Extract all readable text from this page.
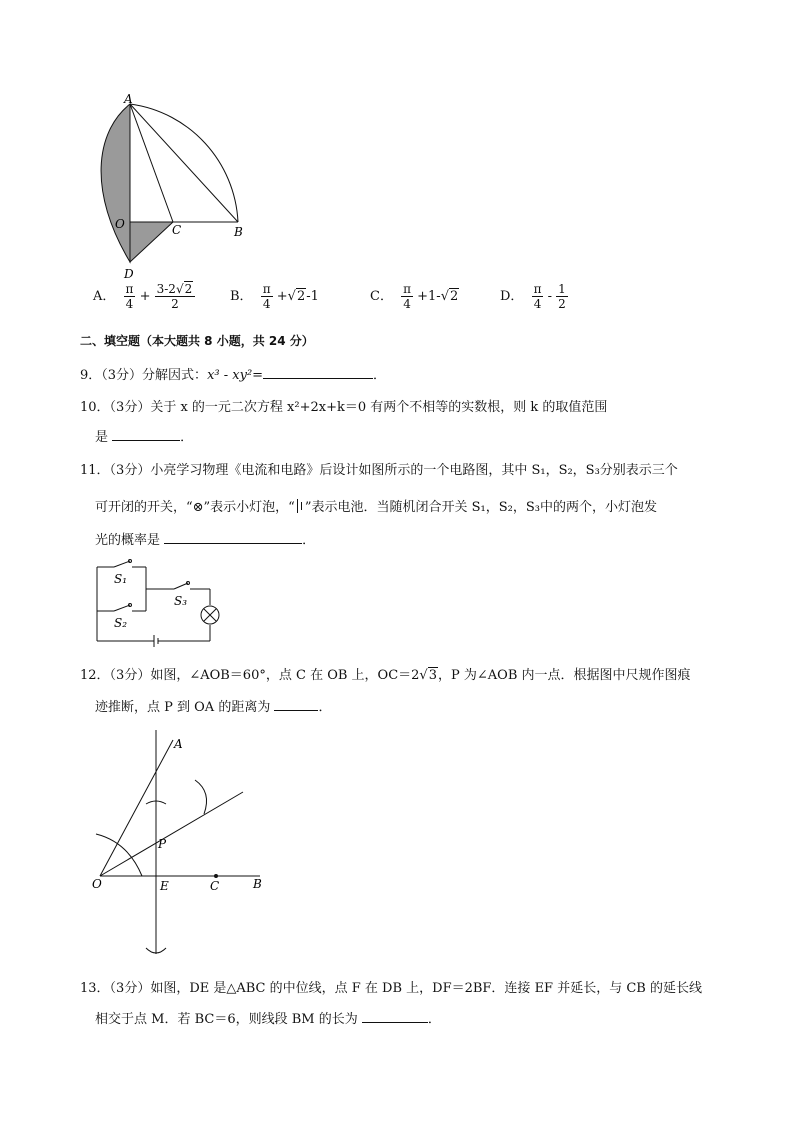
A
O	C	B
D
A． $\frac{\pi}{4} + \frac{3-2√2}{2}$	B． $\frac{\pi}{4} +√2-1$	C． $\frac{\pi}{4} +1-√2$	D． $\frac{\pi}{4} - \frac{1}{2}$
二、填空题（本大题共 8 小题，共 24 分）
9．（3分）分解因式：x³ - xy²=	．
10．（3分）关于 x 的一元二次方程 x²+2x+k＝0 有两个不相等的实数根，则 k 的取值范围
是	．
11．（3分）小亮学习物理《电流和电路》后设计如图所示的一个电路图，其中 S₁，S₂，S₃分别表示三个
可开闭的开关，“⊗”表示小灯泡，“ ”表示电池．当随机闭合开关 S₁，S₂，S₃中的两个，小灯泡发
光的概率是	．
S₁
S₂
S₃
12．（3分）如图，∠AOB＝60°，点 C 在 OB 上，OC＝2√3，P 为∠AOB 内一点．根据图中尺规作图痕
迹推断，点 P 到 OA 的距离为	．
A
P
O	E	C	B
13．（3分）如图，DE 是△ABC 的中位线，点 F 在 DB 上，DF＝2BF．连接 EF 并延长，与 CB 的延长线
相交于点 M．若 BC＝6，则线段 BM 的长为	．
